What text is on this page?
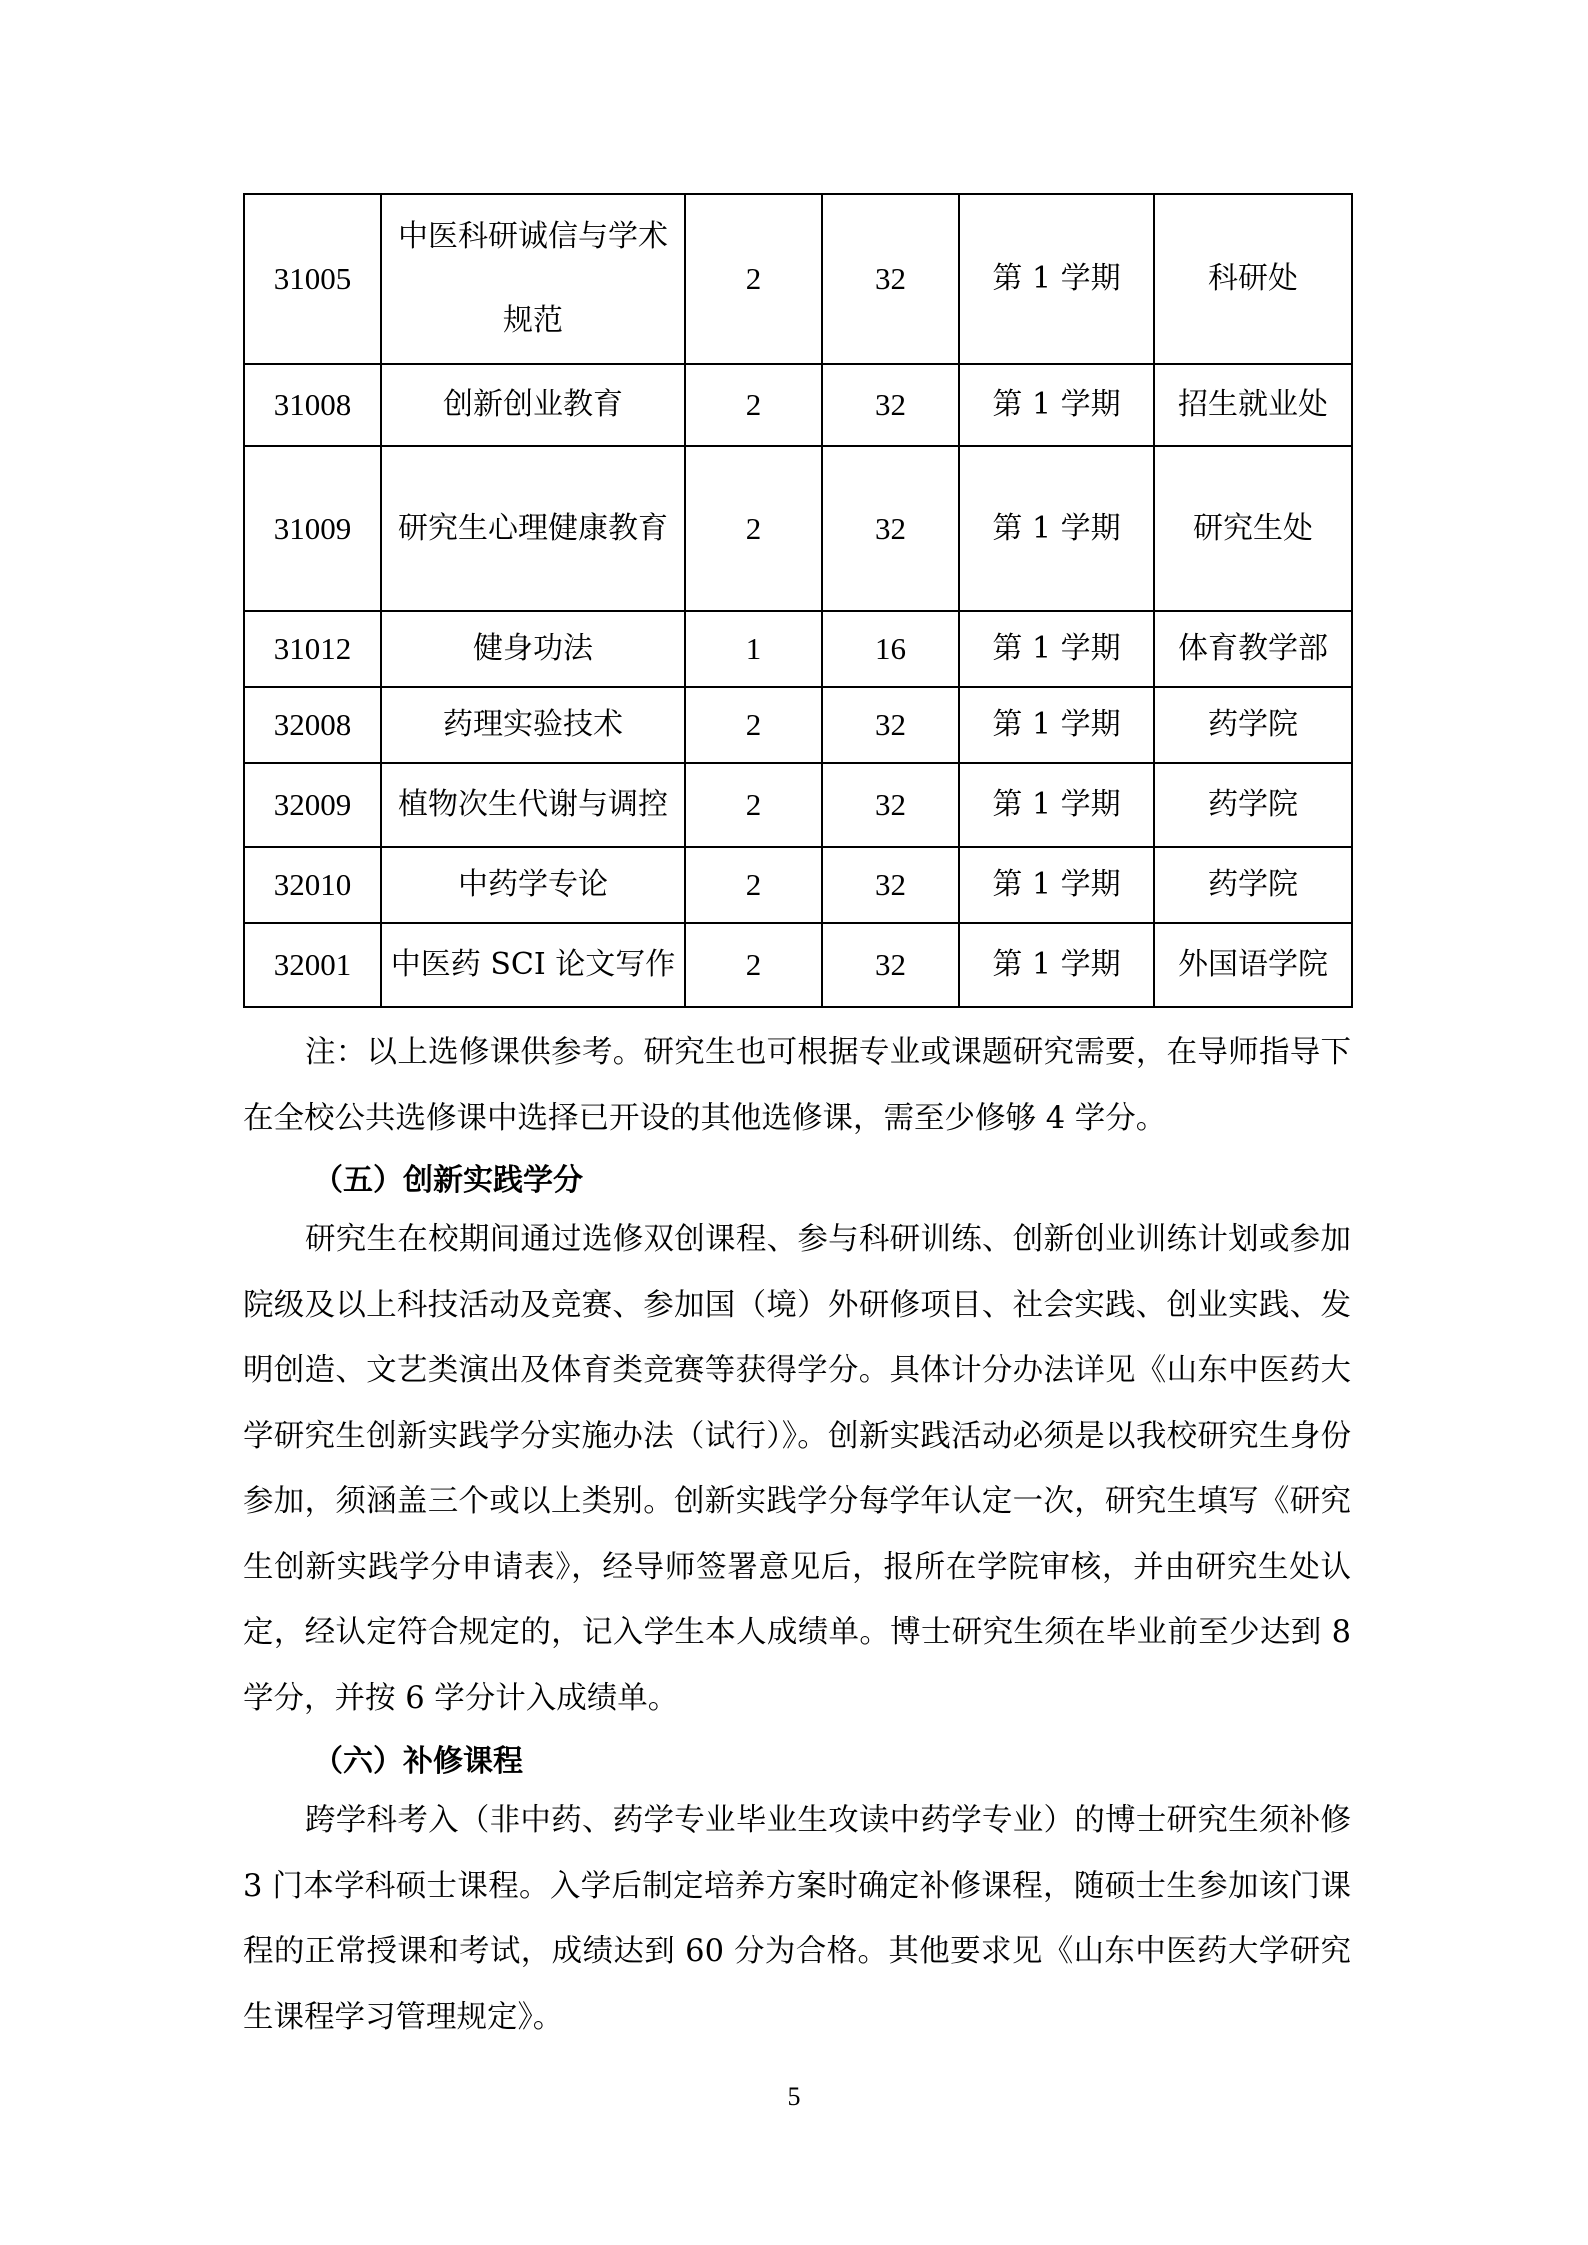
31005	中医科研诚信与学术规范	2	32	第 1 学期	科研处
31008	创新创业教育	2	32	第 1 学期	招生就业处
31009	研究生心理健康教育	2	32	第 1 学期	研究生处
31012	健身功法	1	16	第 1 学期	体育教学部
32008	药理实验技术	2	32	第 1 学期	药学院
32009	植物次生代谢与调控	2	32	第 1 学期	药学院
32010	中药学专论	2	32	第 1 学期	药学院
32001	中医药 SCI 论文写作	2	32	第 1 学期	外国语学院

注：以上选修课供参考。研究生也可根据专业或课题研究需要，在导师指导下在全校公共选修课中选择已开设的其他选修课，需至少修够 4 学分。

（五）创新实践学分

研究生在校期间通过选修双创课程、参与科研训练、创新创业训练计划或参加院级及以上科技活动及竞赛、参加国（境）外研修项目、社会实践、创业实践、发明创造、文艺类演出及体育类竞赛等获得学分。具体计分办法详见《山东中医药大学研究生创新实践学分实施办法（试行）》。创新实践活动必须是以我校研究生身份参加，须涵盖三个或以上类别。创新实践学分每学年认定一次，研究生填写《研究生创新实践学分申请表》，经导师签署意见后，报所在学院审核，并由研究生处认定，经认定符合规定的，记入学生本人成绩单。博士研究生须在毕业前至少达到 8 学分，并按 6 学分计入成绩单。

（六）补修课程

跨学科考入（非中药、药学专业毕业生攻读中药学专业）的博士研究生须补修 3 门本学科硕士课程。入学后制定培养方案时确定补修课程，随硕士生参加该门课程的正常授课和考试，成绩达到 60 分为合格。其他要求见《山东中医药大学研究生课程学习管理规定》。

5
